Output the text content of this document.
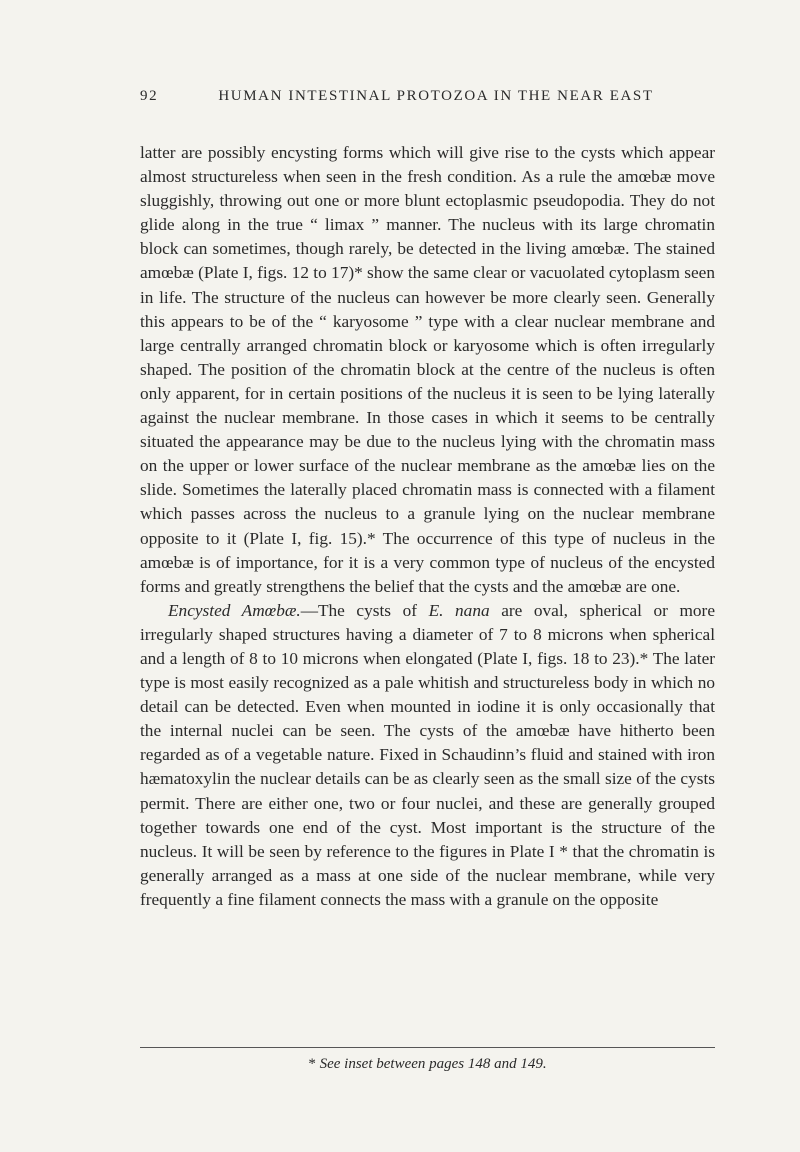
92	HUMAN INTESTINAL PROTOZOA IN THE NEAR EAST

latter are possibly encysting forms which will give rise to the cysts which appear almost structureless when seen in the fresh condition. As a rule the amœbæ move sluggishly, throwing out one or more blunt ectoplasmic pseudopodia. They do not glide along in the true “ limax ” manner. The nucleus with its large chromatin block can sometimes, though rarely, be detected in the living amœbæ. The stained amœbæ (Plate I, figs. 12 to 17)* show the same clear or vacuolated cytoplasm seen in life. The structure of the nucleus can however be more clearly seen. Generally this appears to be of the “ karyosome ” type with a clear nuclear membrane and large centrally arranged chromatin block or karyosome which is often irregularly shaped. The position of the chromatin block at the centre of the nucleus is often only apparent, for in certain positions of the nucleus it is seen to be lying laterally against the nuclear membrane. In those cases in which it seems to be centrally situated the appearance may be due to the nucleus lying with the chromatin mass on the upper or lower surface of the nuclear membrane as the amœbæ lies on the slide. Sometimes the laterally placed chromatin mass is connected with a filament which passes across the nucleus to a granule lying on the nuclear membrane opposite to it (Plate I, fig. 15).* The occurrence of this type of nucleus in the amœbæ is of importance, for it is a very common type of nucleus of the encysted forms and greatly strengthens the belief that the cysts and the amœbæ are one.

Encysted Amœbæ.—The cysts of E. nana are oval, spherical or more irregularly shaped structures having a diameter of 7 to 8 microns when spherical and a length of 8 to 10 microns when elongated (Plate I, figs. 18 to 23).* The later type is most easily recognized as a pale whitish and structureless body in which no detail can be detected. Even when mounted in iodine it is only occasionally that the internal nuclei can be seen. The cysts of the amœbæ have hitherto been regarded as of a vegetable nature. Fixed in Schaudinn’s fluid and stained with iron hæmatoxylin the nuclear details can be as clearly seen as the small size of the cysts permit. There are either one, two or four nuclei, and these are generally grouped together towards one end of the cyst. Most important is the structure of the nucleus. It will be seen by reference to the figures in Plate I * that the chromatin is generally arranged as a mass at one side of the nuclear membrane, while very frequently a fine filament connects the mass with a granule on the opposite

* See inset between pages 148 and 149.
